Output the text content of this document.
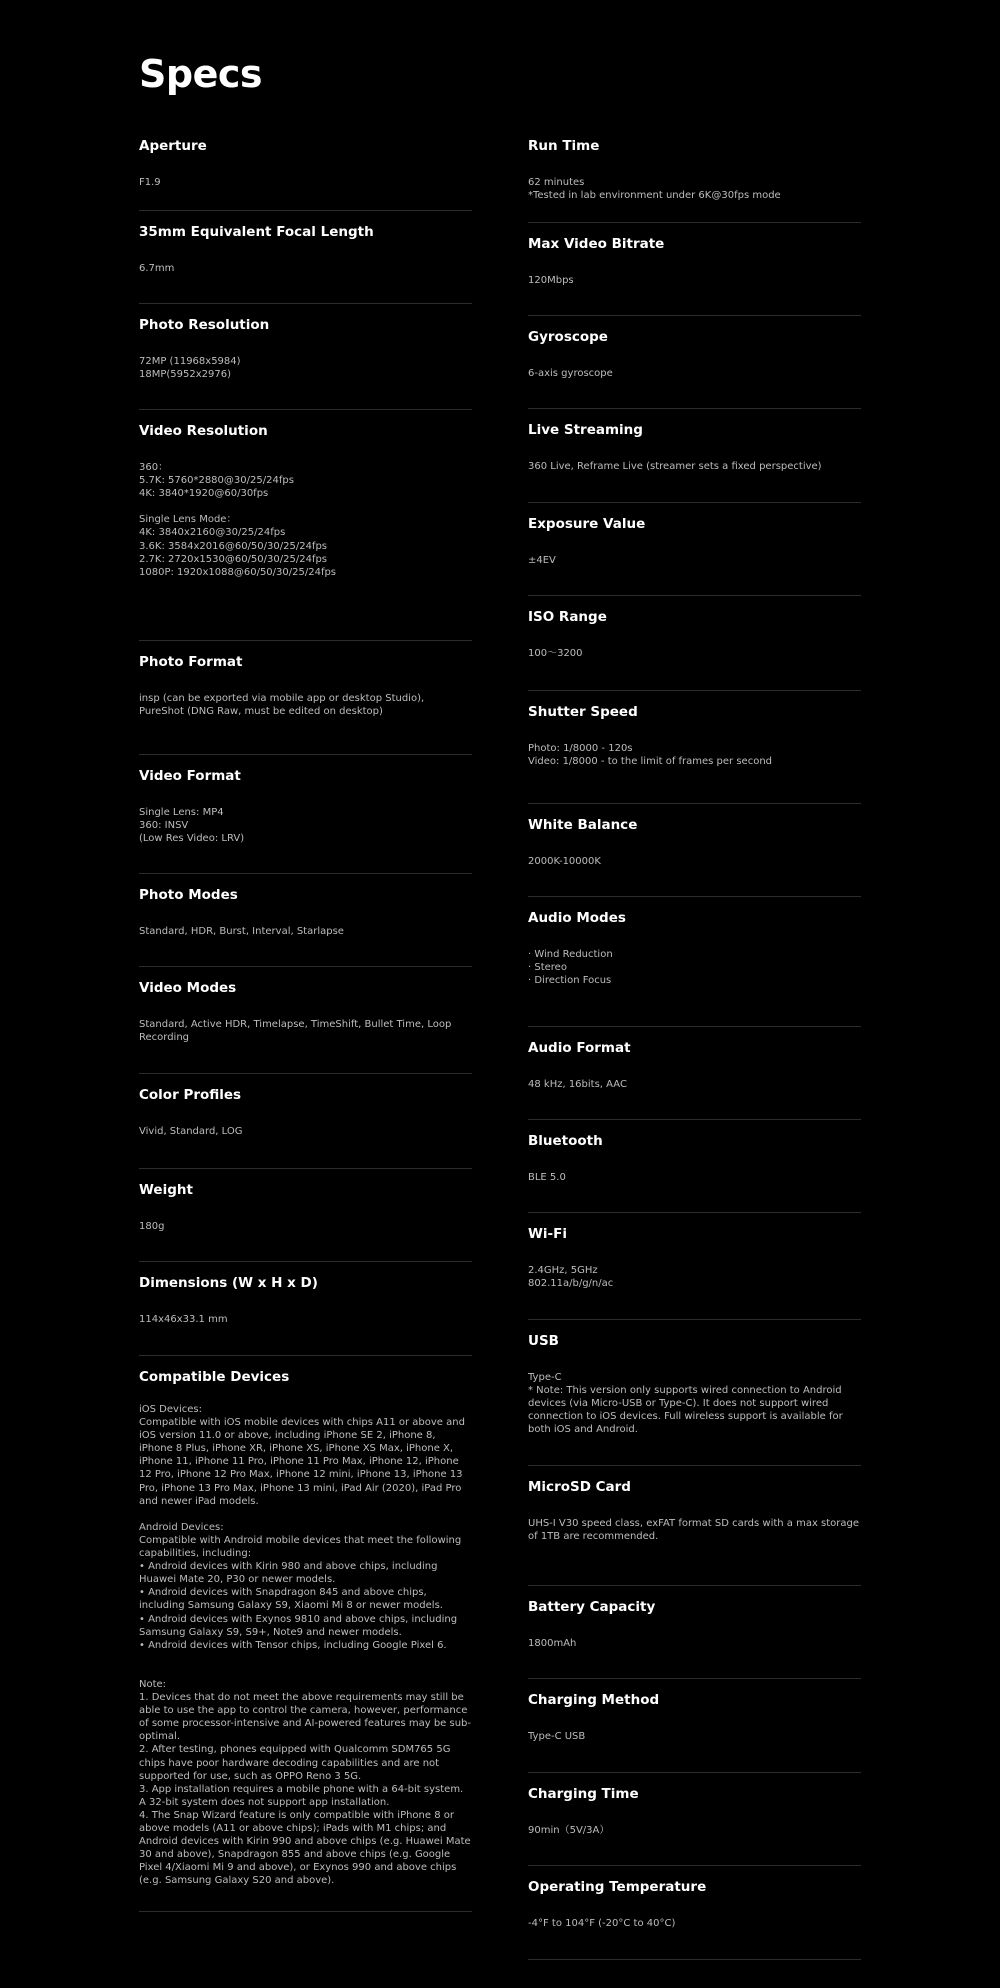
Specs
Aperture
F1.9
35mm Equivalent Focal Length
6.7mm
Photo Resolution
72MP (11968x5984)
18MP(5952x2976)
Video Resolution
360：
5.7K: 5760*2880@30/25/24fps
4K: 3840*1920@60/30fps

Single Lens Mode：
4K: 3840x2160@30/25/24fps
3.6K: 3584x2016@60/50/30/25/24fps
2.7K: 2720x1530@60/50/30/25/24fps
1080P: 1920x1088@60/50/30/25/24fps
Photo Format
insp (can be exported via mobile app or desktop Studio),
PureShot (DNG Raw, must be edited on desktop)
Video Format
Single Lens: MP4
360: INSV
(Low Res Video: LRV)
Photo Modes
Standard, HDR, Burst, Interval, Starlapse
Video Modes
Standard, Active HDR, Timelapse, TimeShift, Bullet Time, Loop Recording
Color Profiles
Vivid, Standard, LOG
Weight
180g
Dimensions (W x H x D)
114x46x33.1 mm
Compatible Devices
iOS Devices:
Compatible with iOS mobile devices with chips A11 or above and iOS version 11.0 or above, including iPhone SE 2, iPhone 8, iPhone 8 Plus, iPhone XR, iPhone XS, iPhone XS Max, iPhone X, iPhone 11, iPhone 11 Pro, iPhone 11 Pro Max, iPhone 12, iPhone 12 Pro, iPhone 12 Pro Max, iPhone 12 mini, iPhone 13, iPhone 13 Pro, iPhone 13 Pro Max, iPhone 13 mini, iPad Air (2020), iPad Pro and newer iPad models.

Android Devices:
Compatible with Android mobile devices that meet the following capabilities, including:
• Android devices with Kirin 980 and above chips, including Huawei Mate 20, P30 or newer models.
• Android devices with Snapdragon 845 and above chips, including Samsung Galaxy S9, Xiaomi Mi 8 or newer models.
• Android devices with Exynos 9810 and above chips, including Samsung Galaxy S9, S9+, Note9 and newer models.
• Android devices with Tensor chips, including Google Pixel 6.

Note:
1. Devices that do not meet the above requirements may still be able to use the app to control the camera, however, performance of some processor-intensive and AI-powered features may be sub-optimal.
2. After testing, phones equipped with Qualcomm SDM765 5G chips have poor hardware decoding capabilities and are not supported for use, such as OPPO Reno 3 5G.
3. App installation requires a mobile phone with a 64-bit system. A 32-bit system does not support app installation.
4. The Snap Wizard feature is only compatible with iPhone 8 or above models (A11 or above chips); iPads with M1 chips; and Android devices with Kirin 990 and above chips (e.g. Huawei Mate 30 and above), Snapdragon 855 and above chips (e.g. Google Pixel 4/Xiaomi Mi 9 and above), or Exynos 990 and above chips (e.g. Samsung Galaxy S20 and above).
Run Time
62 minutes
*Tested in lab environment under 6K@30fps mode
Max Video Bitrate
120Mbps
Gyroscope
6-axis gyroscope
Live Streaming
360 Live, Reframe Live (streamer sets a fixed perspective)
Exposure Value
±4EV
ISO Range
100～3200
Shutter Speed
Photo: 1/8000 - 120s
Video: 1/8000 - to the limit of frames per second
White Balance
2000K-10000K
Audio Modes
· Wind Reduction
· Stereo
· Direction Focus
Audio Format
48 kHz, 16bits, AAC
Bluetooth
BLE 5.0
Wi-Fi
2.4GHz, 5GHz
802.11a/b/g/n/ac
USB
Type-C
* Note: This version only supports wired connection to Android devices (via Micro-USB or Type-C). It does not support wired connection to iOS devices. Full wireless support is available for both iOS and Android.
MicroSD Card
UHS-I V30 speed class, exFAT format SD cards with a max storage of 1TB are recommended.
Battery Capacity
1800mAh
Charging Method
Type-C USB
Charging Time
90min（5V/3A）
Operating Temperature
-4°F to 104°F (-20°C to 40°C)
